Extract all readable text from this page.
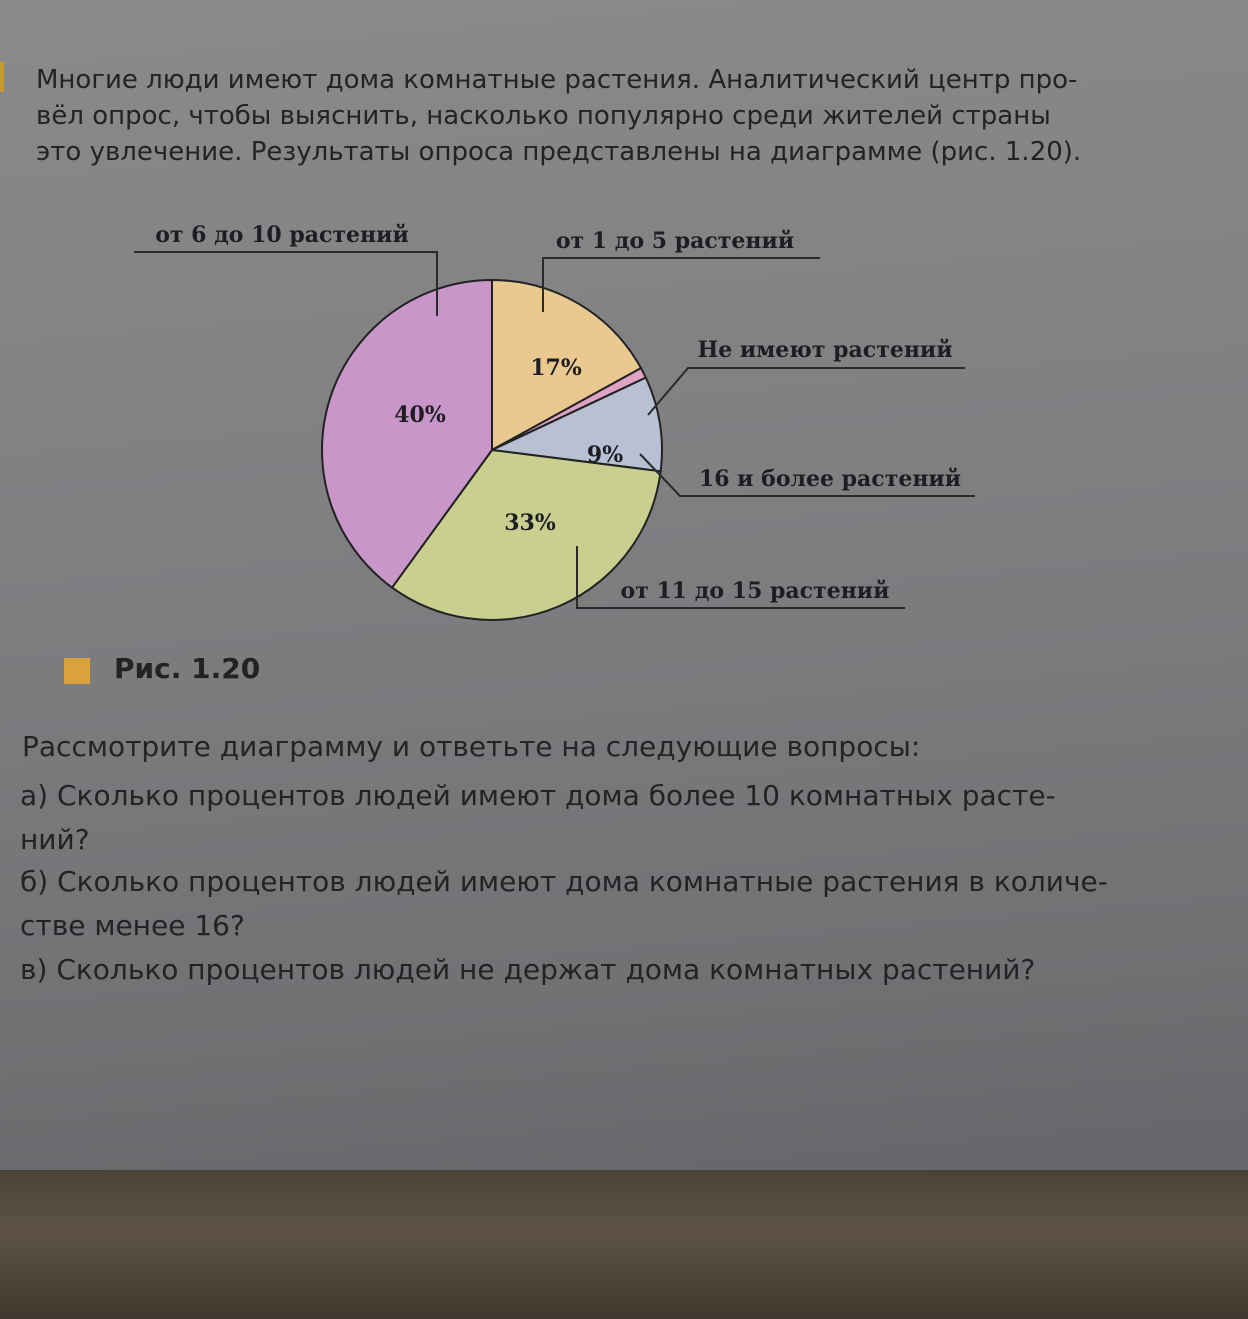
Многие люди имеют дома комнатные растения. Аналитический центр про-
вёл опрос, чтобы выяснить, насколько популярно среди жителей страны
это увлечение. Результаты опроса представлены на диаграмме (рис. 1.20).

17%
9%
33%
40%
от 1 до 5 растений
Не имеют растений
16 и более растений
от 11 до 15 растений
от 6 до 10 растений
Рис. 1.20
Рассмотрите диаграмму и ответьте на следующие вопросы:
а) Сколько процентов людей имеют дома более 10 комнатных расте-
ний?
б) Сколько процентов людей имеют дома комнатные растения в количе-
стве менее 16?
в) Сколько процентов людей не держат дома комнатных растений?
